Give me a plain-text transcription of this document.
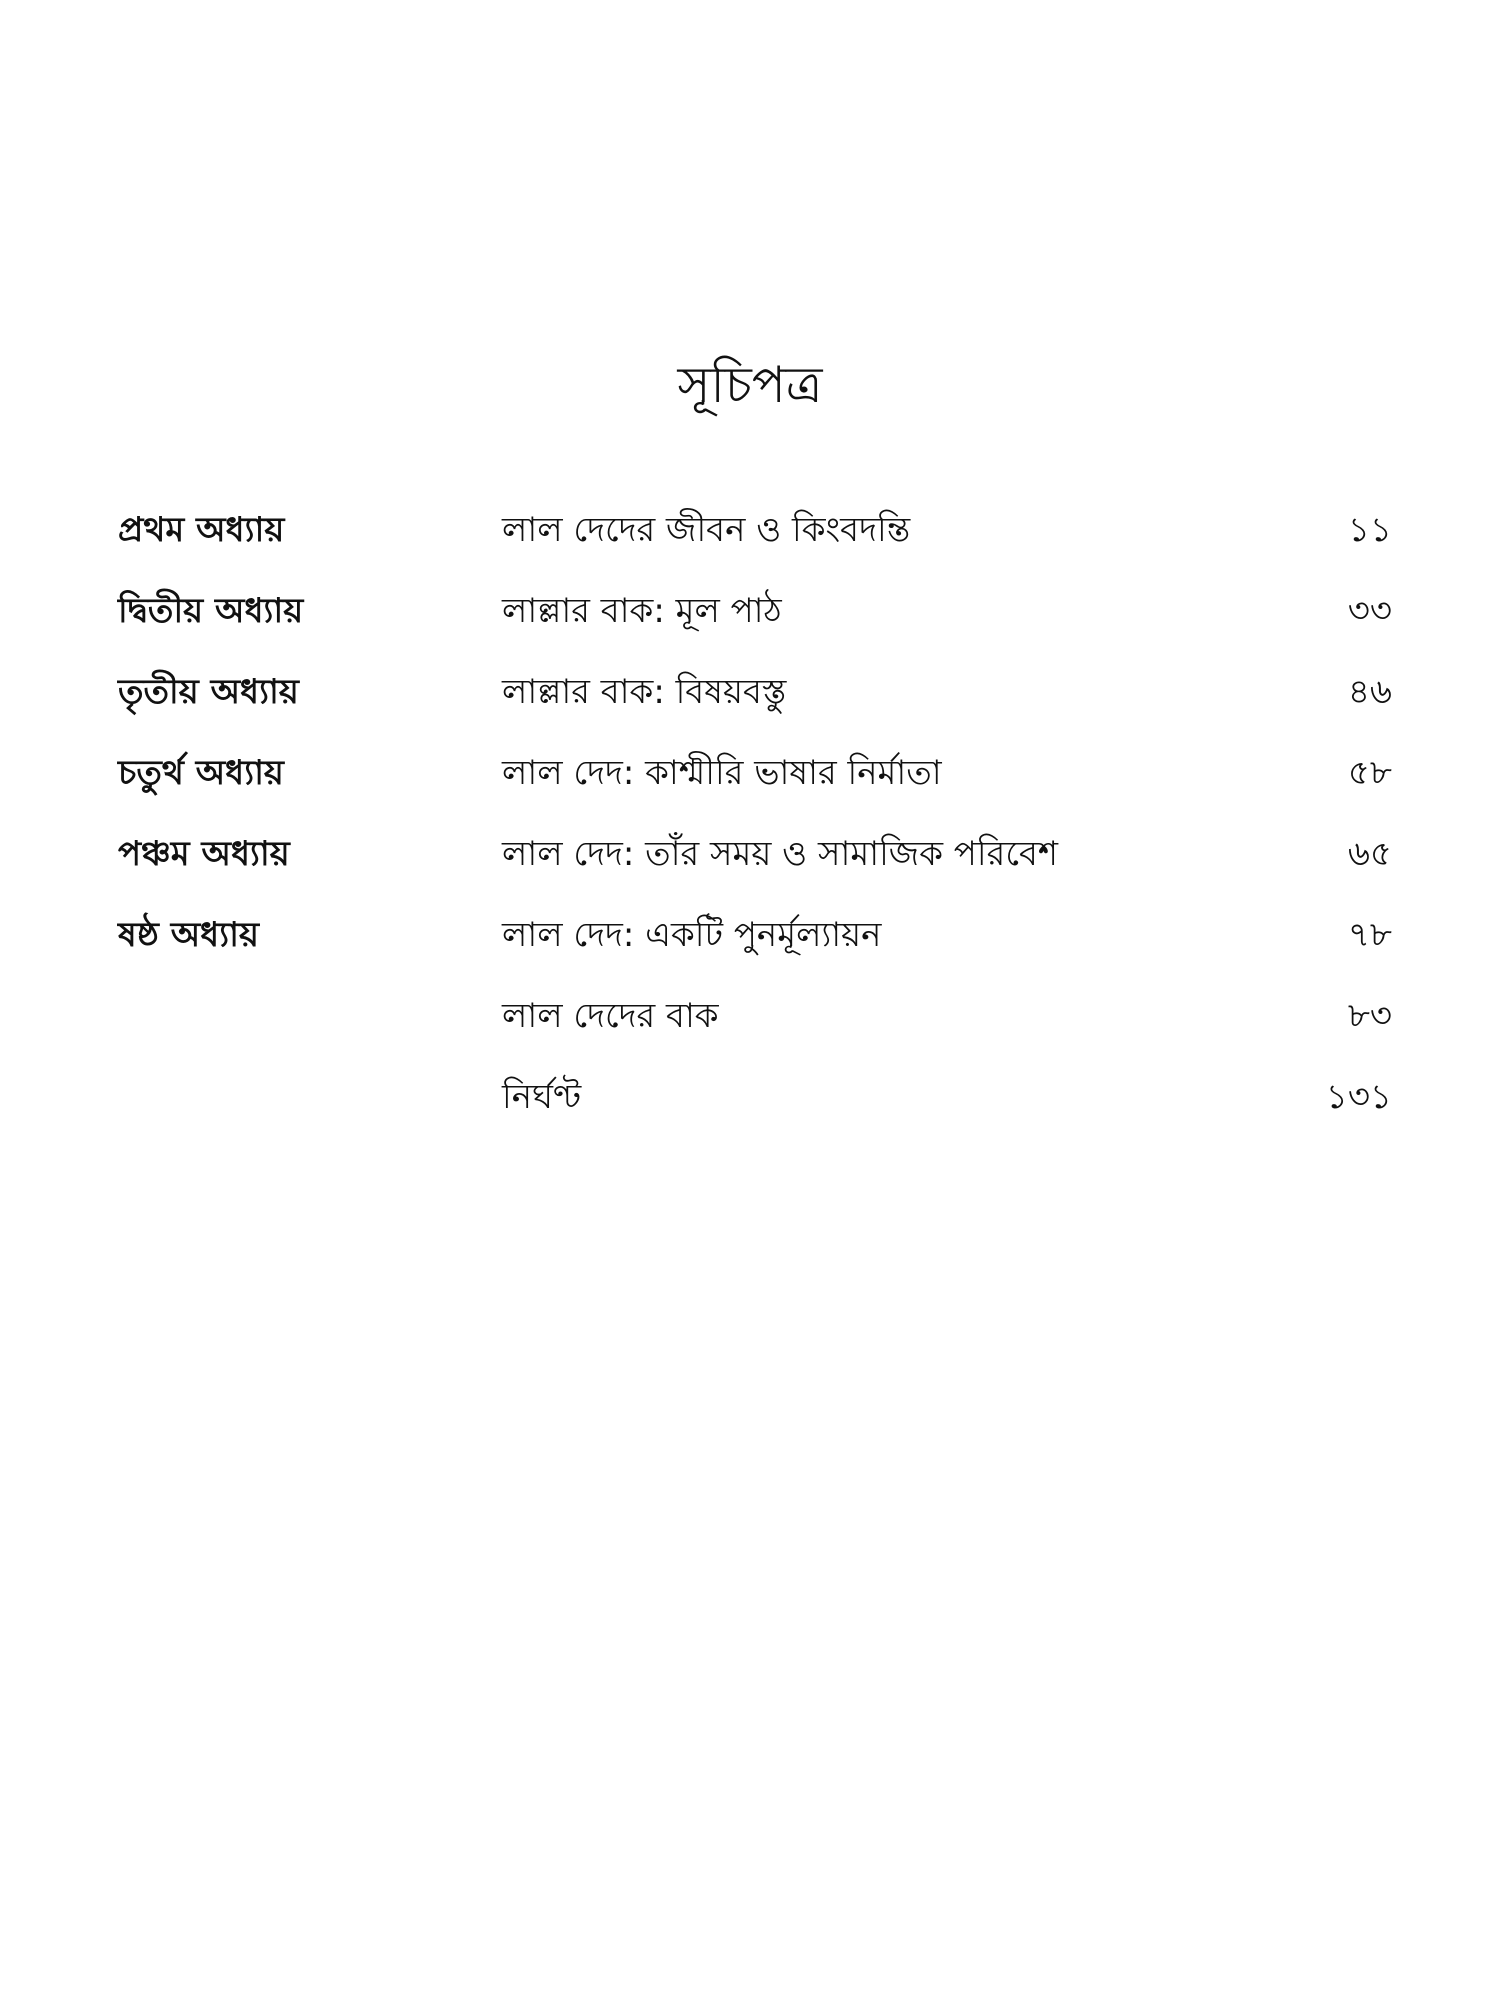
সূচিপত্র
প্রথম অধ্যায়	লাল দেদের জীবন ও কিংবদন্তি	১১
দ্বিতীয় অধ্যায়	লাল্লার বাক: মূল পাঠ	৩৩
তৃতীয় অধ্যায়	লাল্লার বাক: বিষয়বস্তু	৪৬
চতুর্থ অধ্যায়	লাল দেদ: কাশ্মীরি ভাষার নির্মাতা	৫৮
পঞ্চম অধ্যায়	লাল দেদ: তাঁর সময় ও সামাজিক পরিবেশ	৬৫
ষষ্ঠ অধ্যায়	লাল দেদ: একটি পুনর্মূল্যায়ন	৭৮
লাল দেদের বাক	৮৩
নির্ঘণ্ট	১৩১
